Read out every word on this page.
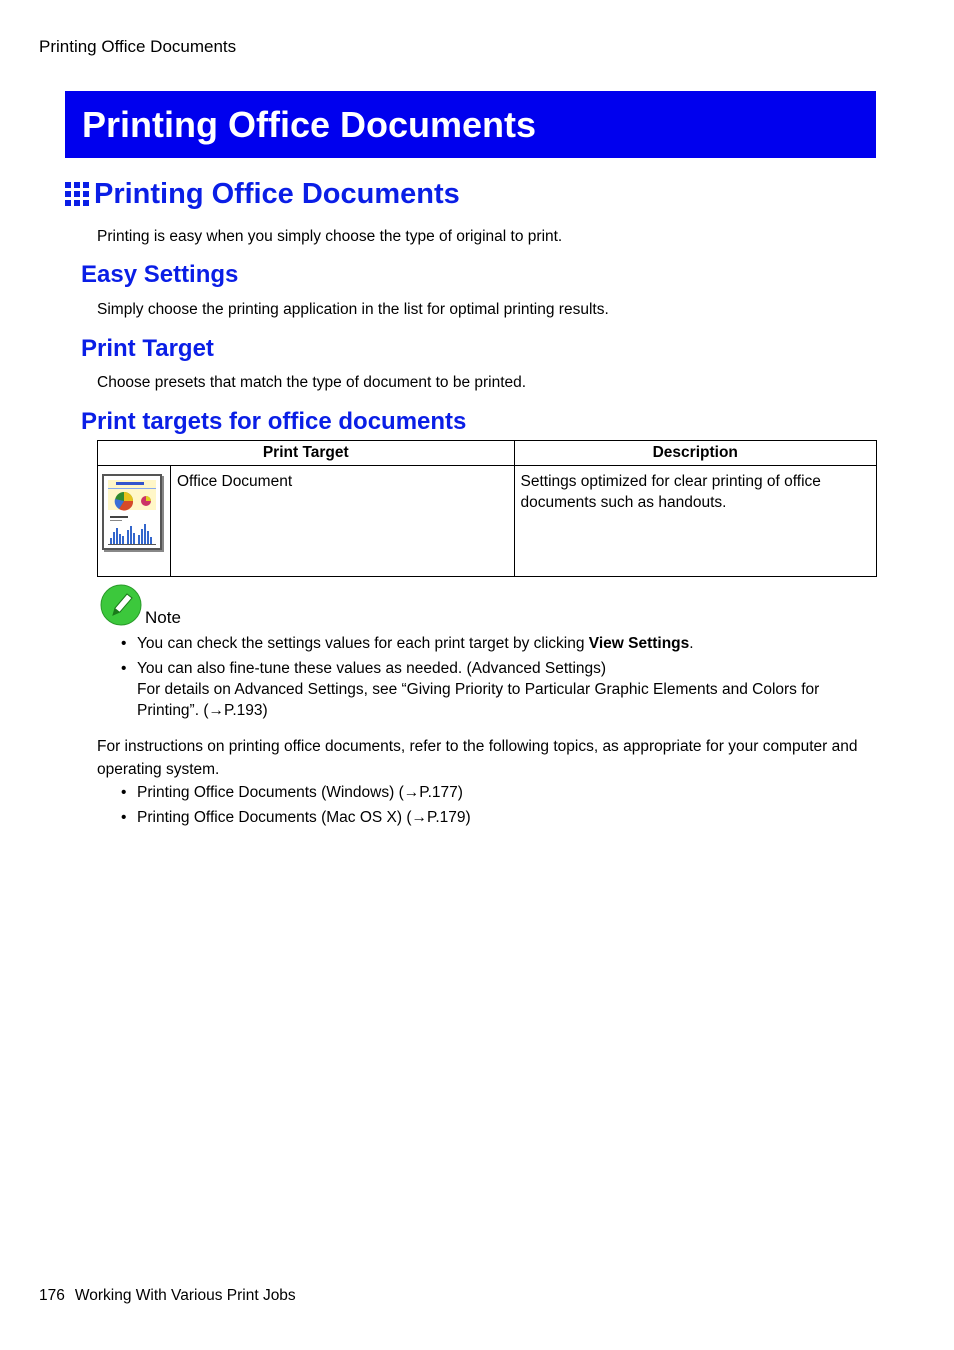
Printing Office Documents
Printing Office Documents
Printing Office Documents
Printing is easy when you simply choose the type of original to print.
Easy Settings
Simply choose the printing application in the list for optimal printing results.
Print Target
Choose presets that match the type of document to be printed.
Print targets for office documents
Print Target		Description

	Office Document	Settings optimized for clear printing of office documents such as handouts.
Note
• You can check the settings values for each print target by clicking View Settings.
• You can also fine-tune these values as needed. (Advanced Settings)
For details on Advanced Settings, see “Giving Priority to Particular Graphic Elements and Colors for Printing”. (→P.193)
For instructions on printing office documents, refer to the following topics, as appropriate for your computer and operating system.
• Printing Office Documents (Windows) (→P.177)
• Printing Office Documents (Mac OS X) (→P.179)
176 Working With Various Print Jobs
